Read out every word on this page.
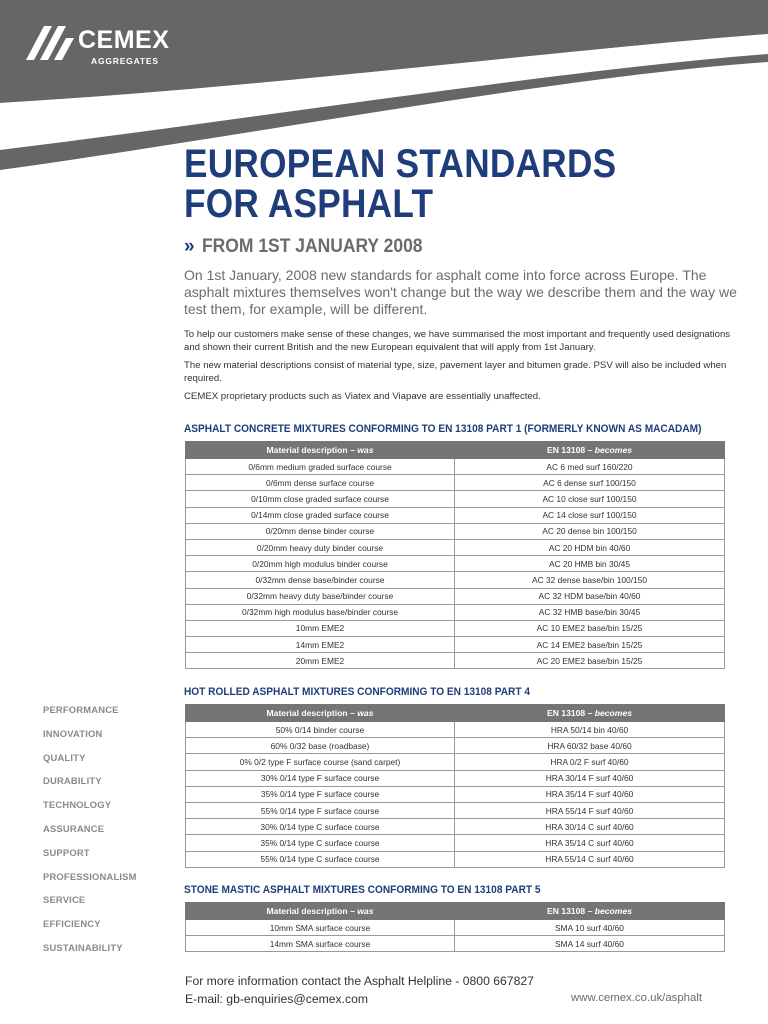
CEMEX
AGGREGATES
EUROPEAN STANDARDS
FOR ASPHALT
» FROM 1ST JANUARY 2008

On 1st January, 2008 new standards for asphalt come into force across Europe. The asphalt mixtures themselves won't change but the way we describe them and the way we test them, for example, will be different.

To help our customers make sense of these changes, we have summarised the most important and frequently used designations and shown their current British and the new European equivalent that will apply from 1st January.

The new material descriptions consist of material type, size, pavement layer and bitumen grade. PSV will also be included when required.

CEMEX proprietary products such as Viatex and Viapave are essentially unaffected.

ASPHALT CONCRETE MIXTURES CONFORMING TO EN 13108 PART 1 (FORMERLY KNOWN AS MACADAM)
Material description – was	EN 13108 – becomes
0/6mm medium graded surface course	AC 6 med surf 160/220
0/6mm dense surface course	AC 6 dense surf 100/150
0/10mm close graded surface course	AC 10 close surf 100/150
0/14mm close graded surface course	AC 14 close surf 100/150
0/20mm dense binder course	AC 20 dense bin 100/150
0/20mm heavy duty binder course	AC 20 HDM bin 40/60
0/20mm high modulus binder course	AC 20 HMB bin 30/45
0/32mm dense base/binder course	AC 32 dense base/bin 100/150
0/32mm heavy duty base/binder course	AC 32 HDM base/bin 40/60
0/32mm high modulus base/binder course	AC 32 HMB base/bin 30/45
10mm EME2	AC 10 EME2 base/bin 15/25
14mm EME2	AC 14 EME2 base/bin 15/25
20mm EME2	AC 20 EME2 base/bin 15/25
HOT ROLLED ASPHALT MIXTURES CONFORMING TO EN 13108 PART 4
Material description – was	EN 13108 – becomes
50% 0/14 binder course	HRA 50/14 bin 40/60
60% 0/32 base (roadbase)	HRA 60/32 base 40/60
0% 0/2 type F surface course (sand carpet)	HRA 0/2 F surf 40/60
30% 0/14 type F surface course	HRA 30/14 F surf 40/60
35% 0/14 type F surface course	HRA 35/14 F surf 40/60
55% 0/14 type F surface course	HRA 55/14 F surf 40/60
30% 0/14 type C surface course	HRA 30/14 C surf 40/60
35% 0/14 type C surface course	HRA 35/14 C surf 40/60
55% 0/14 type C surface course	HRA 55/14 C surf 40/60
STONE MASTIC ASPHALT MIXTURES CONFORMING TO EN 13108 PART 5
Material description – was	EN 13108 – becomes
10mm SMA surface course	SMA 10 surf 40/60
14mm SMA surface course	SMA 14 surf 40/60
PERFORMANCE
INNOVATION
QUALITY
DURABILITY
TECHNOLOGY
ASSURANCE
SUPPORT
PROFESSIONALISM
SERVICE
EFFICIENCY
SUSTAINABILITY
For more information contact the Asphalt Helpline - 0800 667827
E-mail: gb-enquiries@cemex.com	www.cemex.co.uk/asphalt
